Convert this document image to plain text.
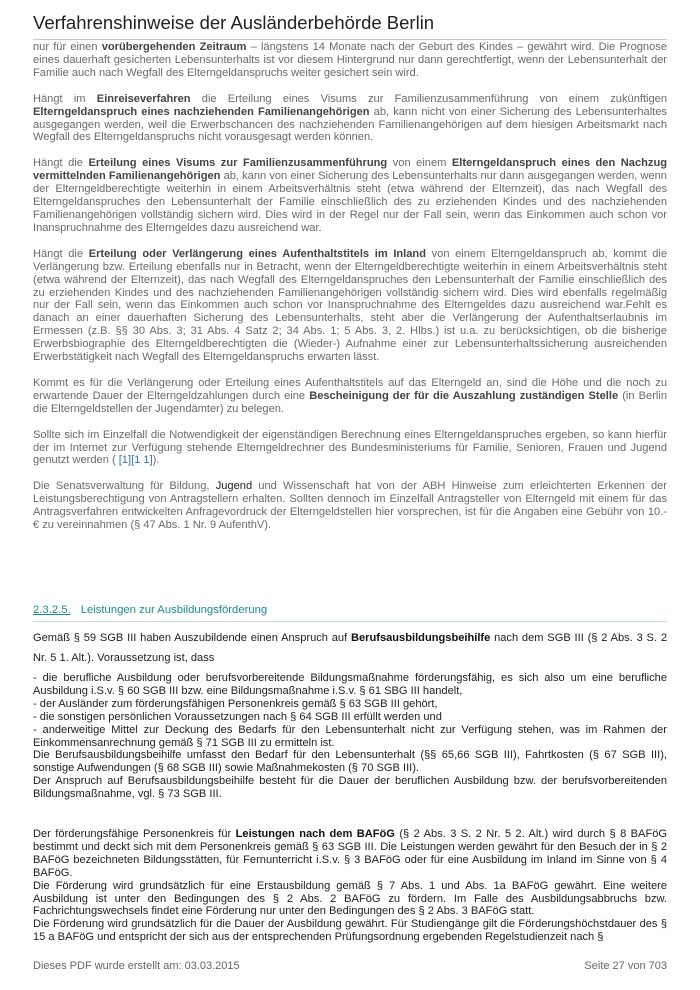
Verfahrenshinweise der Ausländerbehörde Berlin

nur für einen vorübergehenden Zeitraum – längstens 14 Monate nach der Geburt des Kindes – gewährt wird. Die Prognose eines dauerhaft gesicherten Lebensunterhalts ist vor diesem Hintergrund nur dann gerechtfertigt, wenn der Lebensunterhalt der Familie auch nach Wegfall des Elterngeldanspruchs weiter gesichert sein wird.

Hängt im Einreiseverfahren die Erteilung eines Visums zur Familienzusammenführung von einem zukünftigen Elterngeldanspruch eines nachziehenden Familienangehörigen ab, kann nicht von einer Sicherung des Lebensunterhaltes ausgegangen werden, weil die Erwerbschancen des nachziehenden Familienangehörigen auf dem hiesigen Arbeitsmarkt nach Wegfall des Elterngeldanspruchs nicht vorausgesagt werden können.

Hängt die Erteilung eines Visums zur Familienzusammenführung von einem Elterngeldanspruch eines den Nachzug vermittelnden Familienangehörigen ab, kann von einer Sicherung des Lebensunterhalts nur dann ausgegangen werden, wenn der Elterngeldberechtigte weiterhin in einem Arbeitsverhältnis steht (etwa während der Elternzeit), das nach Wegfall des Elterngeldanspruches den Lebensunterhalt der Familie einschließlich des zu erziehenden Kindes und des nachziehenden Familienangehörigen vollständig sichern wird. Dies wird in der Regel nur der Fall sein, wenn das Einkommen auch schon vor Inanspruchnahme des Elterngeldes dazu ausreichend war.

Hängt die Erteilung oder Verlängerung eines Aufenthaltstitels im Inland von einem Elterngeldanspruch ab, kommt die Verlängerung bzw. Erteilung ebenfalls nur in Betracht, wenn der Elterngeldberechtigte weiterhin in einem Arbeitsverhältnis steht (etwa während der Elternzeit), das nach Wegfall des Elterngeldanspruches den Lebensunterhalt der Familie einschließlich des zu erziehenden Kindes und des nachziehenden Familienangehörigen vollständig sichern wird. Dies wird ebenfalls regelmäßig nur der Fall sein, wenn das Einkommen auch schon vor Inanspruchnahme des Elterngeldes dazu ausreichend war.Fehlt es danach an einer dauerhaften Sicherung des Lebensunterhalts, steht aber die Verlängerung der Aufenthaltserlaubnis im Ermessen (z.B. §§ 30 Abs. 3; 31 Abs. 4 Satz 2; 34 Abs. 1; 5 Abs. 3, 2. Hlbs.) ist u.a. zu berücksichtigen, ob die bisherige Erwerbsbiographie des Elterngeldberechtigten die (Wieder-) Aufnahme einer zur Lebensunterhaltssicherung ausreichenden Erwerbstätigkeit nach Wegfall des Elterngeldanspruchs erwarten lässt.

Kommt es für die Verlängerung oder Erteilung eines Aufenthaltstitels auf das Elterngeld an, sind die Höhe und die noch zu erwartende Dauer der Elterngeldzahlungen durch eine Bescheinigung der für die Auszahlung zuständigen Stelle (in Berlin die Elterngeldstellen der Jugendämter) zu belegen.

Sollte sich im Einzelfall die Notwendigkeit der eigenständigen Berechnung eines Elterngeldanspruches ergeben, so kann hierfür der im Internet zur Verfügung stehende Elterngeldrechner des Bundesministeriums für Familie, Senioren, Frauen und Jugend genutzt werden ( [1][1 1]).

Die Senatsverwaltung für Bildung, Jugend und Wissenschaft hat von der ABH Hinweise zum erleichterten Erkennen der Leistungsberechtigung von Antragstellern erhalten. Sollten dennoch im Einzelfall Antragsteller von Elterngeld mit einem für das Antragsverfahren entwickelten Anfragevordruck der Elterngeldstellen hier vorsprechen, ist für die Angaben eine Gebühr von 10.- € zu vereinnahmen (§ 47 Abs. 1 Nr. 9 AufenthV).

2.3.2.5. Leistungen zur Ausbildungsförderung

Gemäß § 59 SGB III haben Auszubildende einen Anspruch auf Berufsausbildungsbeihilfe nach dem SGB III (§ 2 Abs. 3 S. 2 Nr. 5 1. Alt.). Voraussetzung ist, dass

- die berufliche Ausbildung oder berufsvorbereitende Bildungsmaßnahme förderungsfähig, es sich also um eine berufliche Ausbildung i.S.v. § 60 SGB III bzw. eine Bildungsmaßnahme i.S.v. § 61 SBG III handelt,

- der Ausländer zum förderungsfähigen Personenkreis gemäß § 63 SGB III gehört,

- die sonstigen persönlichen Voraussetzungen nach § 64 SGB III erfüllt werden und

- anderweitige Mittel zur Deckung des Bedarfs für den Lebensunterhalt nicht zur Verfügung stehen, was im Rahmen der Einkommensanrechnung gemäß § 71 SGB III zu ermitteln ist.

Die Berufsausbildungsbeihilfe umfasst den Bedarf für den Lebensunterhalt (§§ 65,66 SGB III), Fahrtkosten (§ 67 SGB III), sonstige Aufwendungen (§ 68 SGB III) sowie Maßnahmekosten (§ 70 SGB III).

Der Anspruch auf Berufsausbildungsbeihilfe besteht für die Dauer der beruflichen Ausbildung bzw. der berufsvorbereitenden Bildungsmaßnahme, vgl. § 73 SGB III.

Der förderungsfähige Personenkreis für Leistungen nach dem BAFöG (§ 2 Abs. 3 S. 2 Nr. 5 2. Alt.) wird durch § 8 BAFöG bestimmt und deckt sich mit dem Personenkreis gemäß § 63 SGB III. Die Leistungen werden gewährt für den Besuch der in § 2 BAFöG bezeichneten Bildungsstätten, für Fernunterricht i.S.v. § 3 BAFöG oder für eine Ausbildung im Inland im Sinne von § 4 BAFöG.

Die Förderung wird grundsätzlich für eine Erstausbildung gemäß § 7 Abs. 1 und Abs. 1a BAFöG gewährt. Eine weitere Ausbildung ist unter den Bedingungen des § 2 Abs. 2 BAFöG zu fördern. Im Falle des Ausbildungsabbruchs bzw. Fachrichtungswechsels findet eine Förderung nur unter den Bedingungen des § 2 Abs. 3 BAFöG statt.

Die Förderung wird grundsätzlich für die Dauer der Ausbildung gewährt. Für Studiengänge gilt die Förderungshöchstdauer des § 15 a BAFöG und entspricht der sich aus der entsprechenden Prüfungsordnung ergebenden Regelstudienzeit nach §

Dieses PDF wurde erstellt am: 03.03.2015	Seite 27 von 703
